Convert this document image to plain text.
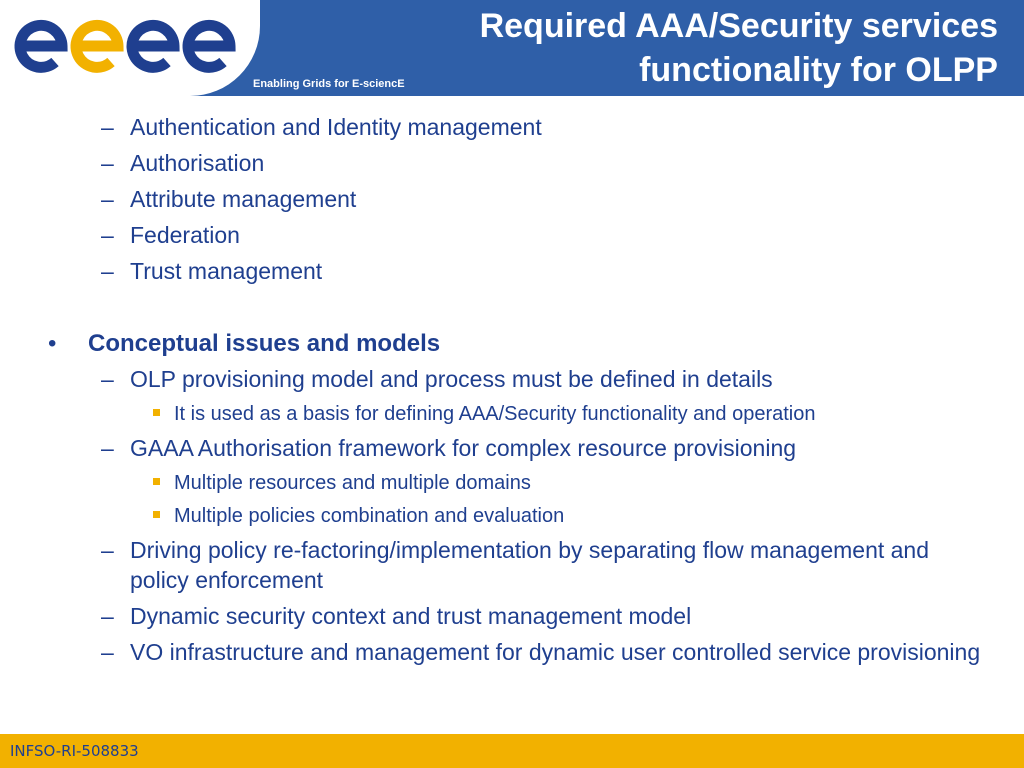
Enabling Grids for E-sciencE
Required AAA/Security services
functionality for OLPP
– Authentication and Identity management
– Authorisation
– Attribute management
– Federation
– Trust management
• Conceptual issues and models
– OLP provisioning model and process must be defined in details
It is used as a basis for defining AAA/Security functionality and operation
– GAAA Authorisation framework for complex resource provisioning
Multiple resources and multiple domains
Multiple policies combination and evaluation
– Driving policy re-factoring/implementation by separating flow management and policy enforcement
– Dynamic security context and trust management model
– VO infrastructure and management for dynamic user controlled service provisioning
INFSO-RI-508833
